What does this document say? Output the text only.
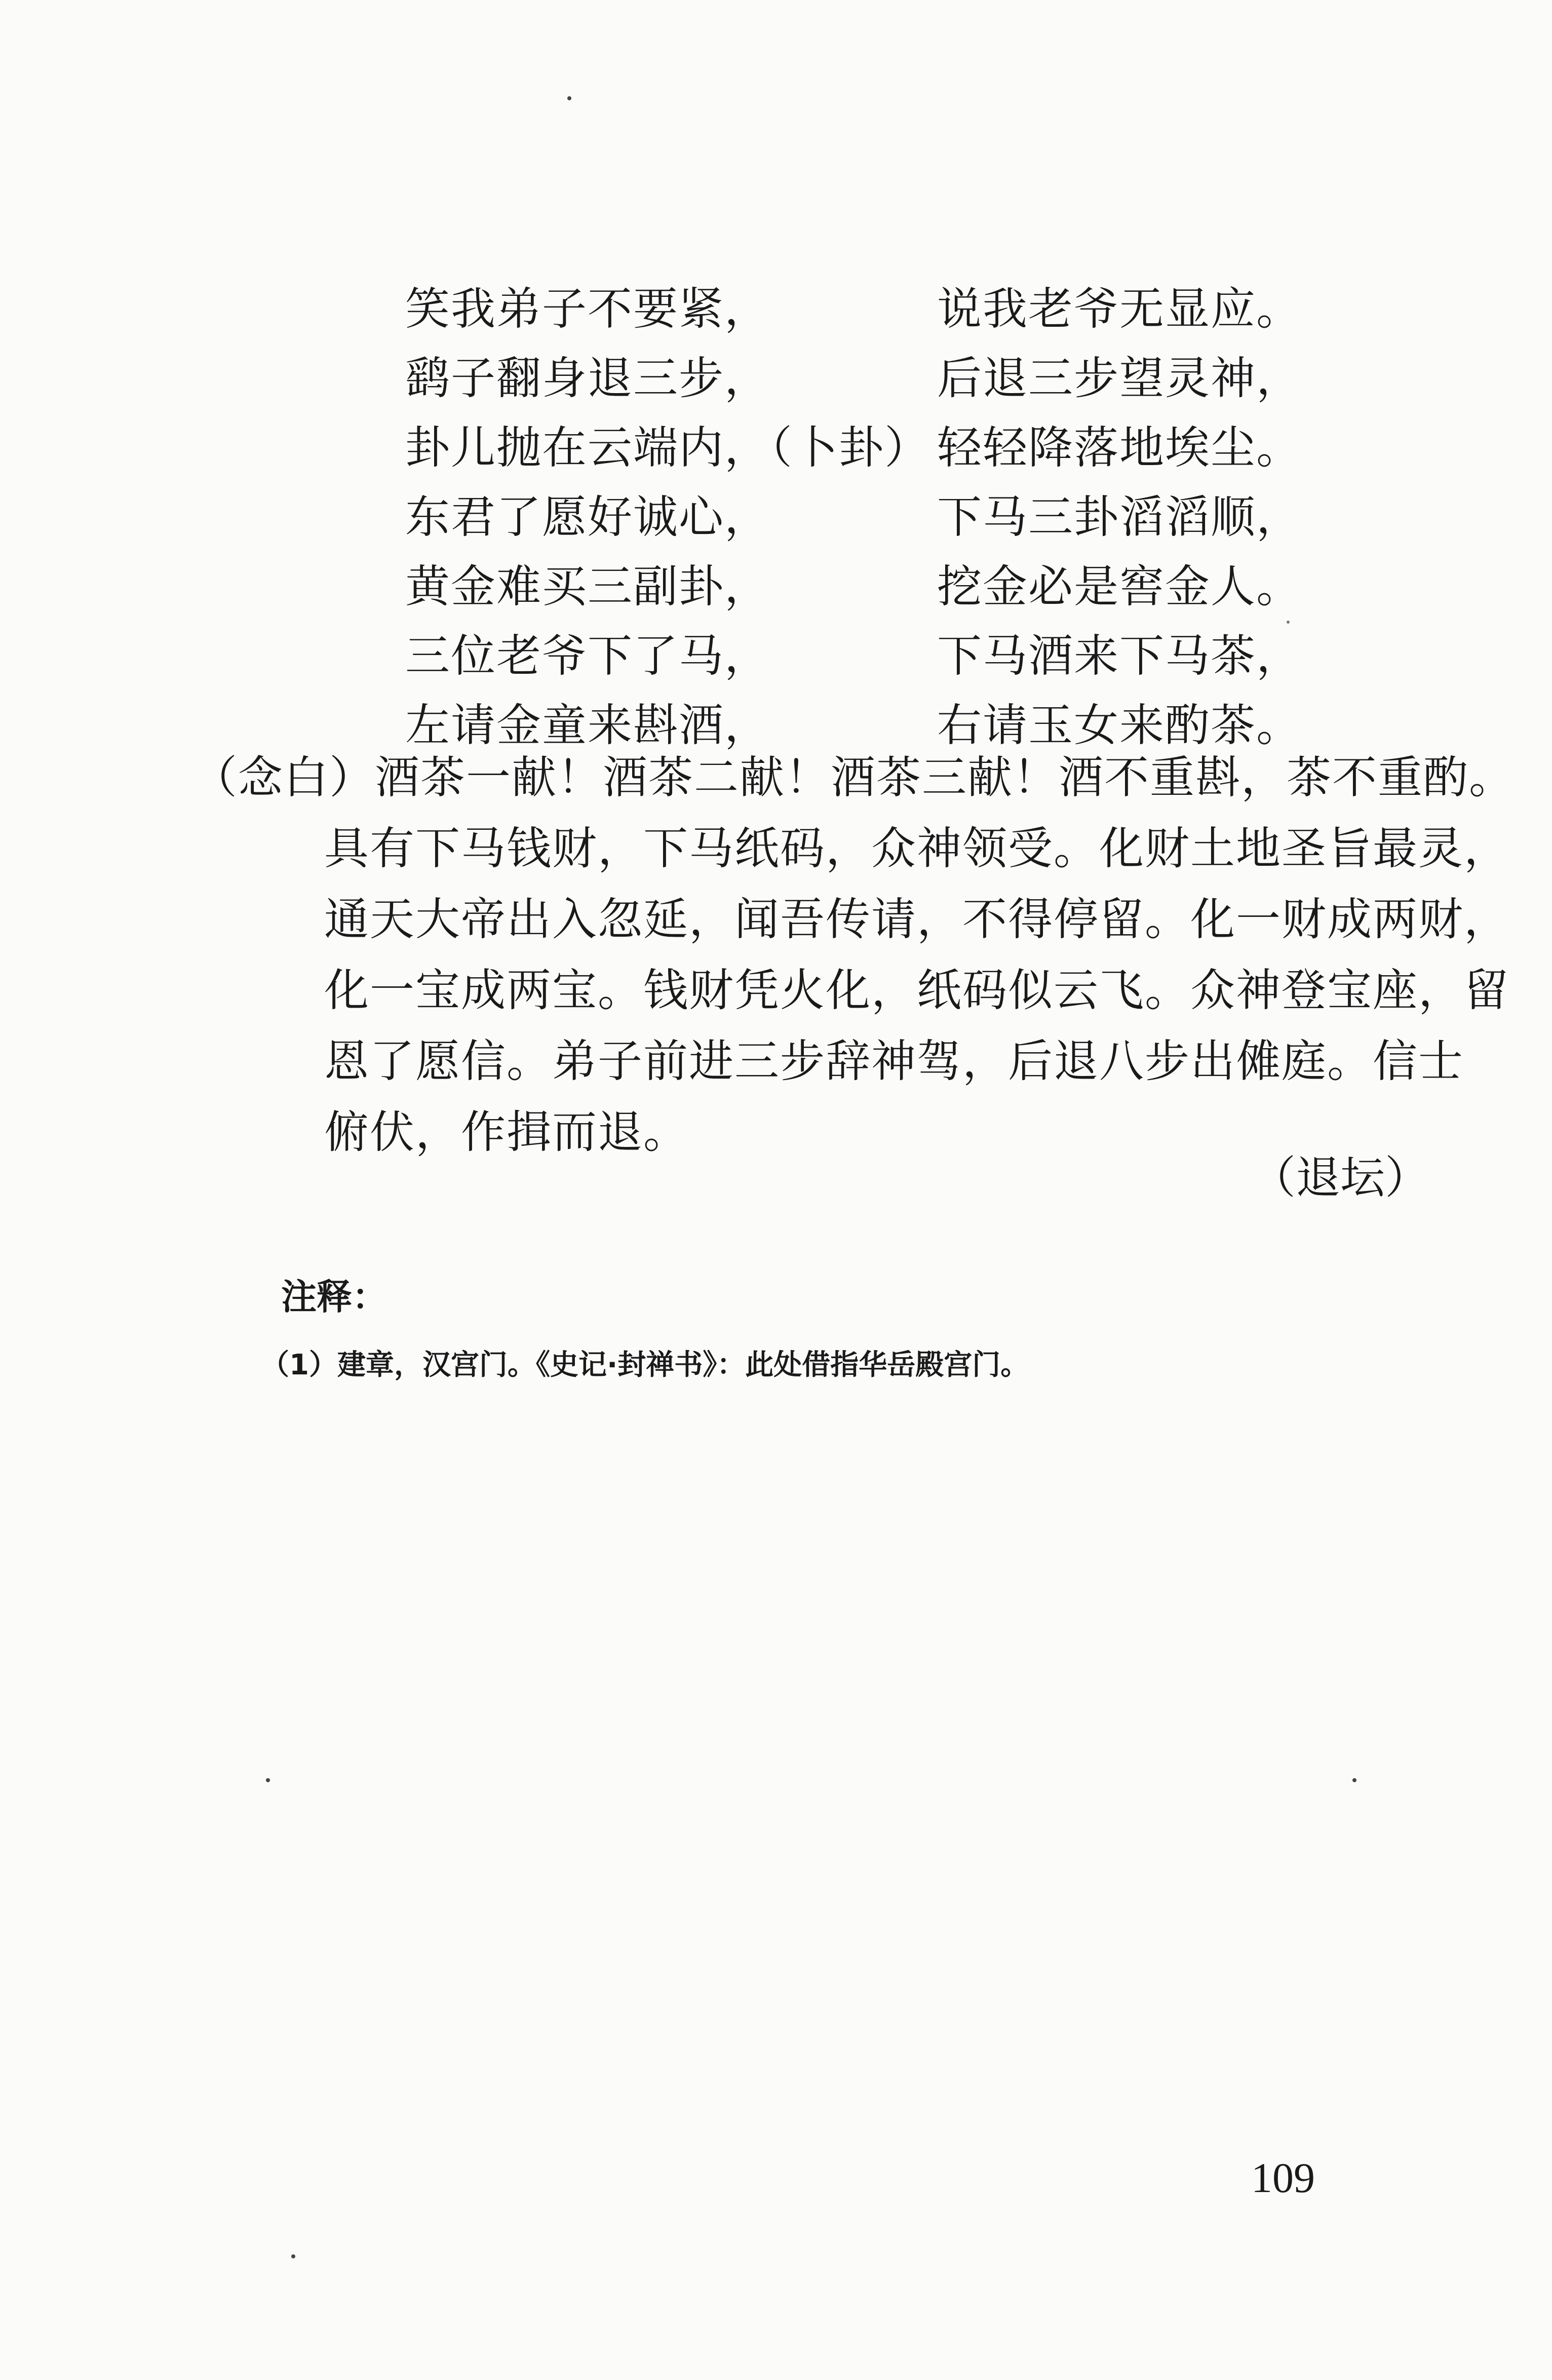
笑我弟子不要紧，	说我老爷无显应。
鹞子翻身退三步，	后退三步望灵神，
卦儿抛在云端内，（卜卦） 轻轻降落地埃尘。
东君了愿好诚心，	下马三卦滔滔顺，
黄金难买三副卦，	挖金必是窖金人。
三位老爷下了马，	下马酒来下马茶，
左请金童来斟酒，	右请玉女来酌茶。
（念白）酒茶一献！酒茶二献！酒茶三献！酒不重斟，茶不重酌。
具有下马钱财，下马纸码，众神领受。化财土地圣旨最灵，
通天大帝出入忽延，闻吾传请，不得停留。化一财成两财，
化一宝成两宝。钱财凭火化，纸码似云飞。众神登宝座，留
恩了愿信。弟子前进三步辞神驾，后退八步出傩庭。信士
俯伏，作揖而退。
（退坛）
注释：
（1）建章，汉宫门。《史记·封禅书》：此处借指华岳殿宫门。
109
